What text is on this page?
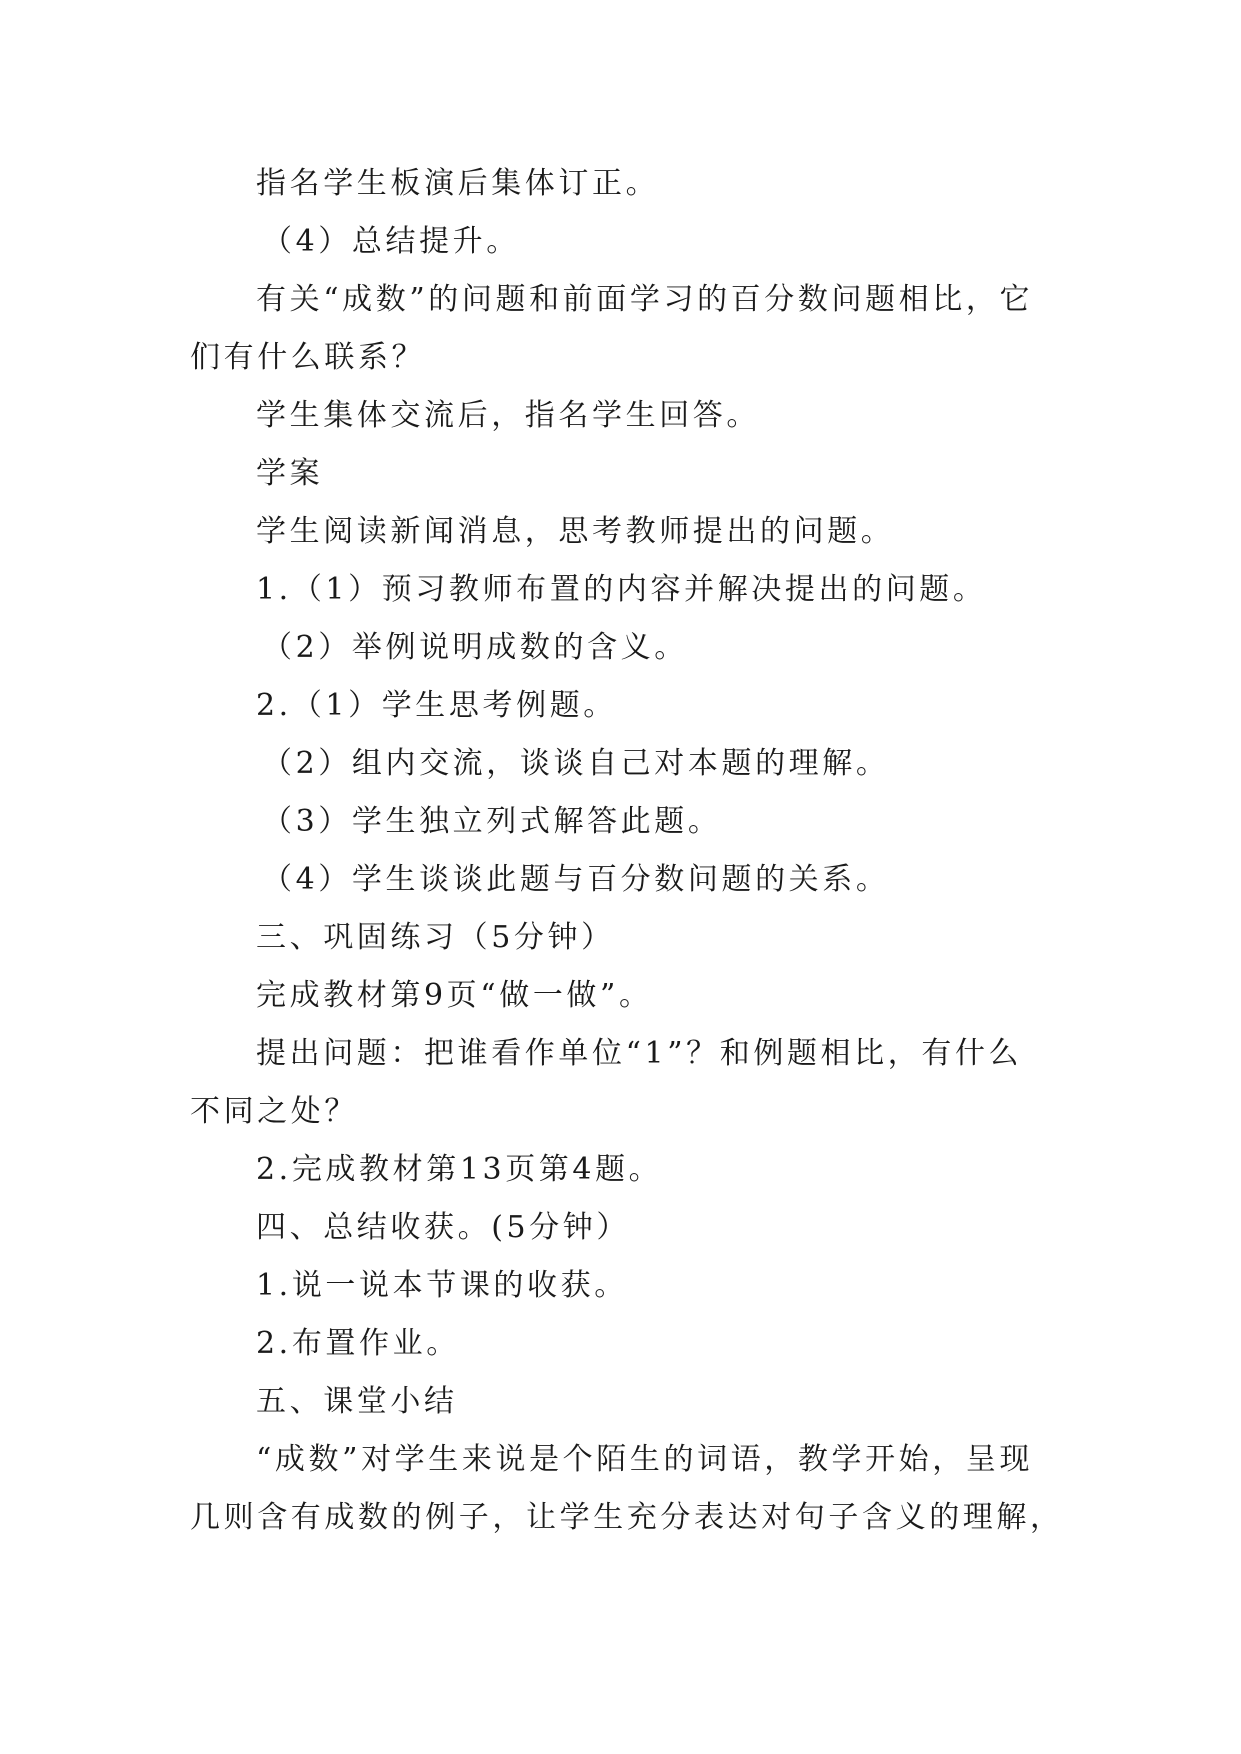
指名学生板演后集体订正。
（4）总结提升。
有关“成数”的问题和前面学习的百分数问题相比，它
们有什么联系？
学生集体交流后，指名学生回答。
学案
学生阅读新闻消息，思考教师提出的问题。
1.（1）预习教师布置的内容并解决提出的问题。
（2）举例说明成数的含义。
2.（1）学生思考例题。
（2）组内交流，谈谈自己对本题的理解。
（3）学生独立列式解答此题。
（4）学生谈谈此题与百分数问题的关系。
三、巩固练习（5分钟）
完成教材第9页“做一做”。
提出问题：把谁看作单位“1”？和例题相比，有什么
不同之处？
2.完成教材第13页第4题。
四、总结收获。(5分钟）
1.说一说本节课的收获。
2.布置作业。
五、课堂小结
“成数”对学生来说是个陌生的词语，教学开始，呈现
几则含有成数的例子，让学生充分表达对句子含义的理解，
